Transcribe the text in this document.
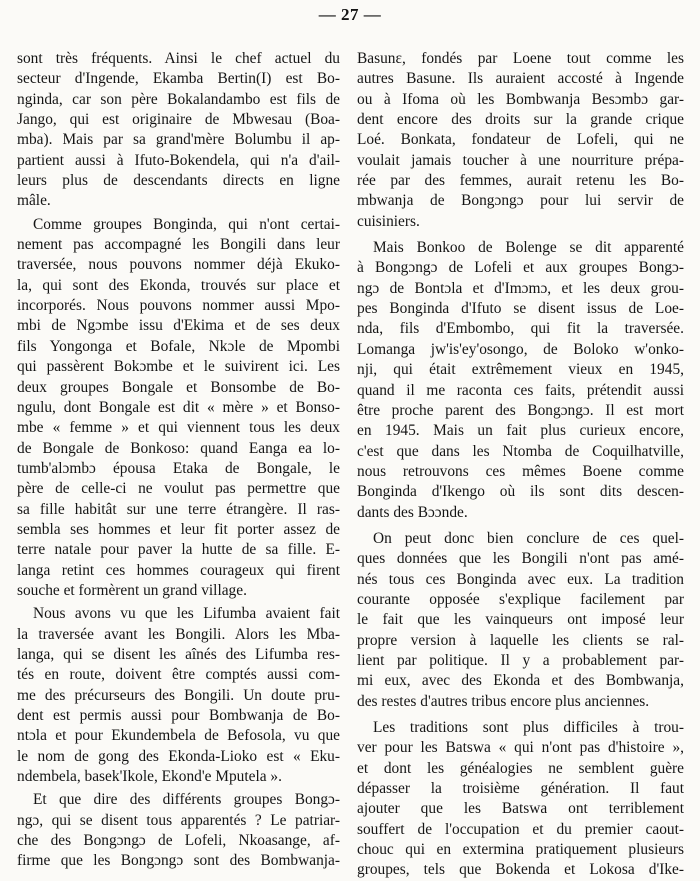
— 27 —
sont très fréquents. Ainsi le chef actuel du
secteur d'Ingende, Ekamba Bertin(I) est Bo-
nginda, car son père Bokalandambo est fils de
Jango, qui est originaire de Mbwesau (Boa-
mba). Mais par sa grand'mère Bolumbu il ap-
partient aussi à Ifuto-Bokendela, qui n'a d'ail-
leurs plus de descendants directs en ligne
mâle.
Comme groupes Bonginda, qui n'ont certai-
nement pas accompagné les Bongili dans leur
traversée, nous pouvons nommer déjà Ekuko-
la, qui sont des Ekonda, trouvés sur place et
incorporés. Nous pouvons nommer aussi Mpo-
mbi de Ngɔmbe issu d'Ekima et de ses deux
fils Yongonga et Bofale, Nkɔle de Mpombi
qui passèrent Bokɔmbe et le suivirent ici. Les
deux groupes Bongale et Bonsombe de Bo-
ngulu, dont Bongale est dit « mère » et Bonso-
mbe « femme » et qui viennent tous les deux
de Bongale de Bonkoso: quand Eanga ea lo-
tumb'alɔmbɔ épousa Etaka de Bongale, le
père de celle-ci ne voulut pas permettre que
sa fille habitât sur une terre étrangère. Il ras-
sembla ses hommes et leur fit porter assez de
terre natale pour paver la hutte de sa fille. E-
langa retint ces hommes courageux qui firent
souche et formèrent un grand village.
Nous avons vu que les Lifumba avaient fait
la traversée avant les Bongili. Alors les Mba-
langa, qui se disent les aînés des Lifumba res-
tés en route, doivent être comptés aussi com-
me des précurseurs des Bongili. Un doute pru-
dent est permis aussi pour Bombwanja de Bo-
ntɔla et pour Ekundembela de Befosola, vu que
le nom de gong des Ekonda-Lioko est « Eku-
ndembela, basek'Ikole, Ekond'e Mputela ».
Et que dire des différents groupes Bongɔ-
ngɔ, qui se disent tous apparentés ? Le patriar-
che des Bongɔngɔ de Lofeli, Nkoasange, af-
firme que les Bongɔngɔ sont des Bombwanja-
Basunɛ, fondés par Loene tout comme les
autres Basune. Ils auraient accosté à Ingende
ou à Ifoma où les Bombwanja Besɔmbɔ gar-
dent encore des droits sur la grande crique
Loé. Bonkata, fondateur de Lofeli, qui ne
voulait jamais toucher à une nourriture prépa-
rée par des femmes, aurait retenu les Bo-
mbwanja de Bongɔngɔ pour lui servir de
cuisiniers.
Mais Bonkoo de Bolenge se dit apparenté
à Bongɔngɔ de Lofeli et aux groupes Bongɔ-
ngɔ de Bontɔla et d'Imɔmɔ, et les deux grou-
pes Bonginda d'Ifuto se disent issus de Loe-
nda, fils d'Embombo, qui fit la traversée.
Lomanga jw'is'ey'osongo, de Boloko w'onko-
nji, qui était extrêmement vieux en 1945,
quand il me raconta ces faits, prétendit aussi
être proche parent des Bongɔngɔ. Il est mort
en 1945. Mais un fait plus curieux encore,
c'est que dans les Ntomba de Coquilhatville,
nous retrouvons ces mêmes Boene comme
Bonginda d'Ikengo où ils sont dits descen-
dants des Bɔɔnde.
On peut donc bien conclure de ces quel-
ques données que les Bongili n'ont pas amé-
nés tous ces Bonginda avec eux. La tradition
courante opposée s'explique facilement par
le fait que les vainqueurs ont imposé leur
propre version à laquelle les clients se ral-
lient par politique. Il y a probablement par-
mi eux, avec des Ekonda et des Bombwanja,
des restes d'autres tribus encore plus anciennes.
Les traditions sont plus difficiles à trou-
ver pour les Batswa « qui n'ont pas d'histoire »,
et dont les généalogies ne semblent guère
dépasser la troisième génération. Il faut
ajouter que les Batswa ont terriblement
souffert de l'occupation et du premier caout-
chouc qui en extermina pratiquement plusieurs
groupes, tels que Bokenda et Lokosa d'Ike-
